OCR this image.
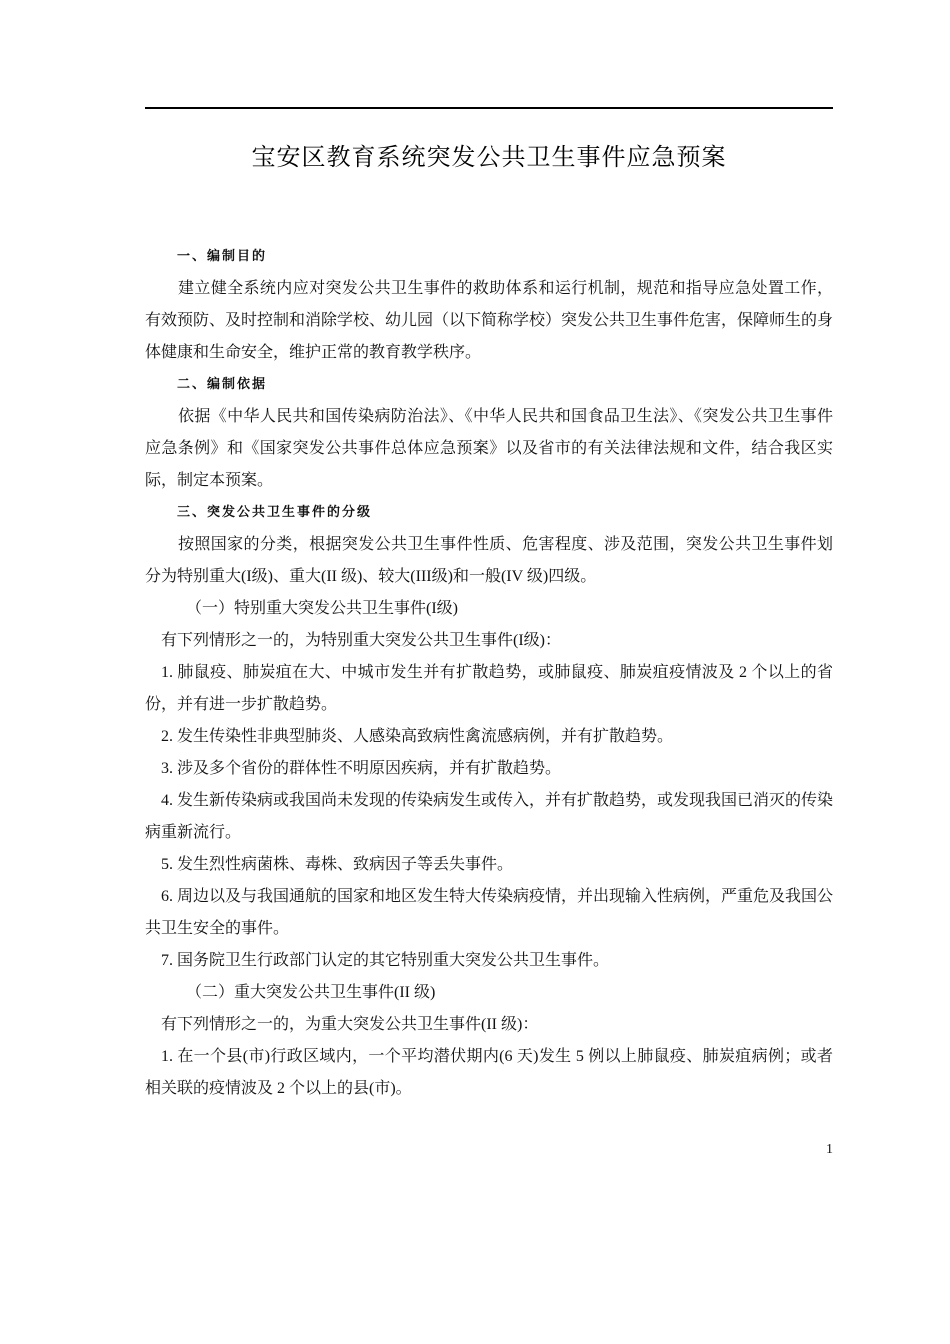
宝安区教育系统突发公共卫生事件应急预案

一、编制目的

建立健全系统内应对突发公共卫生事件的救助体系和运行机制，规范和指导应急处置工作，有效预防、及时控制和消除学校、幼儿园（以下简称学校）突发公共卫生事件危害，保障师生的身体健康和生命安全，维护正常的教育教学秩序。

二、编制依据

依据《中华人民共和国传染病防治法》、《中华人民共和国食品卫生法》、《突发公共卫生事件应急条例》和《国家突发公共事件总体应急预案》以及省市的有关法律法规和文件，结合我区实际，制定本预案。

三、突发公共卫生事件的分级

按照国家的分类，根据突发公共卫生事件性质、危害程度、涉及范围，突发公共卫生事件划分为特别重大(I级)、重大(II 级)、较大(III级)和一般(IV 级)四级。

（一）特别重大突发公共卫生事件(I级)

有下列情形之一的，为特别重大突发公共卫生事件(I级)：

1. 肺鼠疫、肺炭疽在大、中城市发生并有扩散趋势，或肺鼠疫、肺炭疽疫情波及 2 个以上的省份，并有进一步扩散趋势。

2. 发生传染性非典型肺炎、人感染高致病性禽流感病例，并有扩散趋势。

3. 涉及多个省份的群体性不明原因疾病，并有扩散趋势。

4. 发生新传染病或我国尚未发现的传染病发生或传入，并有扩散趋势，或发现我国已消灭的传染病重新流行。

5. 发生烈性病菌株、毒株、致病因子等丢失事件。

6. 周边以及与我国通航的国家和地区发生特大传染病疫情，并出现输入性病例，严重危及我国公共卫生安全的事件。

7. 国务院卫生行政部门认定的其它特别重大突发公共卫生事件。

（二）重大突发公共卫生事件(II 级)

有下列情形之一的，为重大突发公共卫生事件(II 级)：

1. 在一个县(市)行政区域内，一个平均潜伏期内(6 天)发生 5 例以上肺鼠疫、肺炭疽病例；或者相关联的疫情波及 2 个以上的县(市)。

1
